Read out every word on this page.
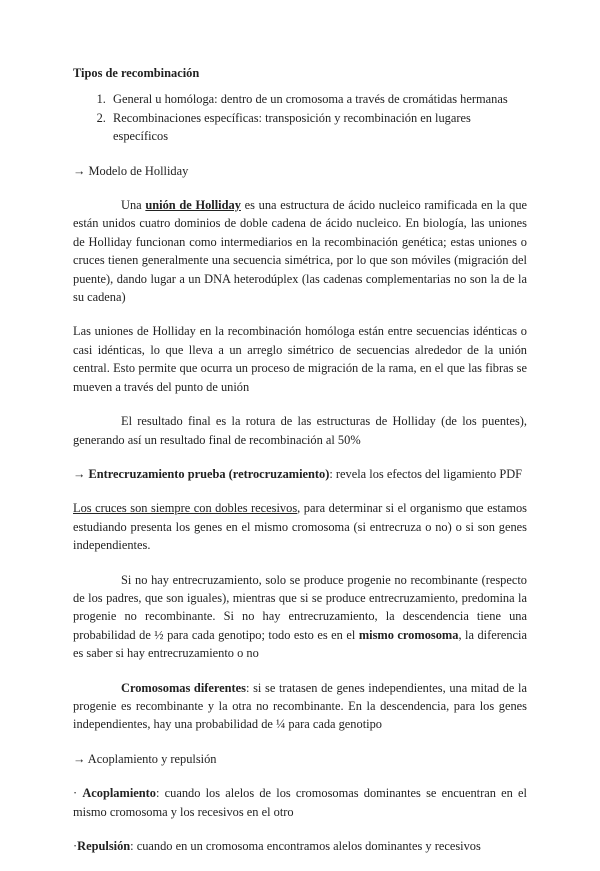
Tipos de recombinación

1. General u homóloga: dentro de un cromosoma a través de cromátidas hermanas
2. Recombinaciones específicas: transposición y recombinación en lugares específicos

→ Modelo de Holliday

Una unión de Holliday es una estructura de ácido nucleico ramificada en la que están unidos cuatro dominios de doble cadena de ácido nucleico. En biología, las uniones de Holliday funcionan como intermediarios en la recombinación genética; estas uniones o cruces tienen generalmente una secuencia simétrica, por lo que son móviles (migración del puente), dando lugar a un DNA heterodúplex (las cadenas complementarias no son la de la su cadena)

Las uniones de Holliday en la recombinación homóloga están entre secuencias idénticas o casi idénticas, lo que lleva a un arreglo simétrico de secuencias alrededor de la unión central. Esto permite que ocurra un proceso de migración de la rama, en el que las fibras se mueven a través del punto de unión

El resultado final es la rotura de las estructuras de Holliday (de los puentes), generando así un resultado final de recombinación al 50%

→ Entrecruzamiento prueba (retrocruzamiento): revela los efectos del ligamiento PDF

Los cruces son siempre con dobles recesivos, para determinar si el organismo que estamos estudiando presenta los genes en el mismo cromosoma (si entrecruza o no) o si son genes independientes.

Si no hay entrecruzamiento, solo se produce progenie no recombinante (respecto de los padres, que son iguales), mientras que si se produce entrecruzamiento, predomina la progenie no recombinante. Si no hay entrecruzamiento, la descendencia tiene una probabilidad de ½ para cada genotipo; todo esto es en el mismo cromosoma, la diferencia es saber si hay entrecruzamiento o no

Cromosomas diferentes: si se tratasen de genes independientes, una mitad de la progenie es recombinante y la otra no recombinante. En la descendencia, para los genes independientes, hay una probabilidad de ¼ para cada genotipo

→ Acoplamiento y repulsión

· Acoplamiento: cuando los alelos de los cromosomas dominantes se encuentran en el mismo cromosoma y los recesivos en el otro

·Repulsión: cuando en un cromosoma encontramos alelos dominantes y recesivos
